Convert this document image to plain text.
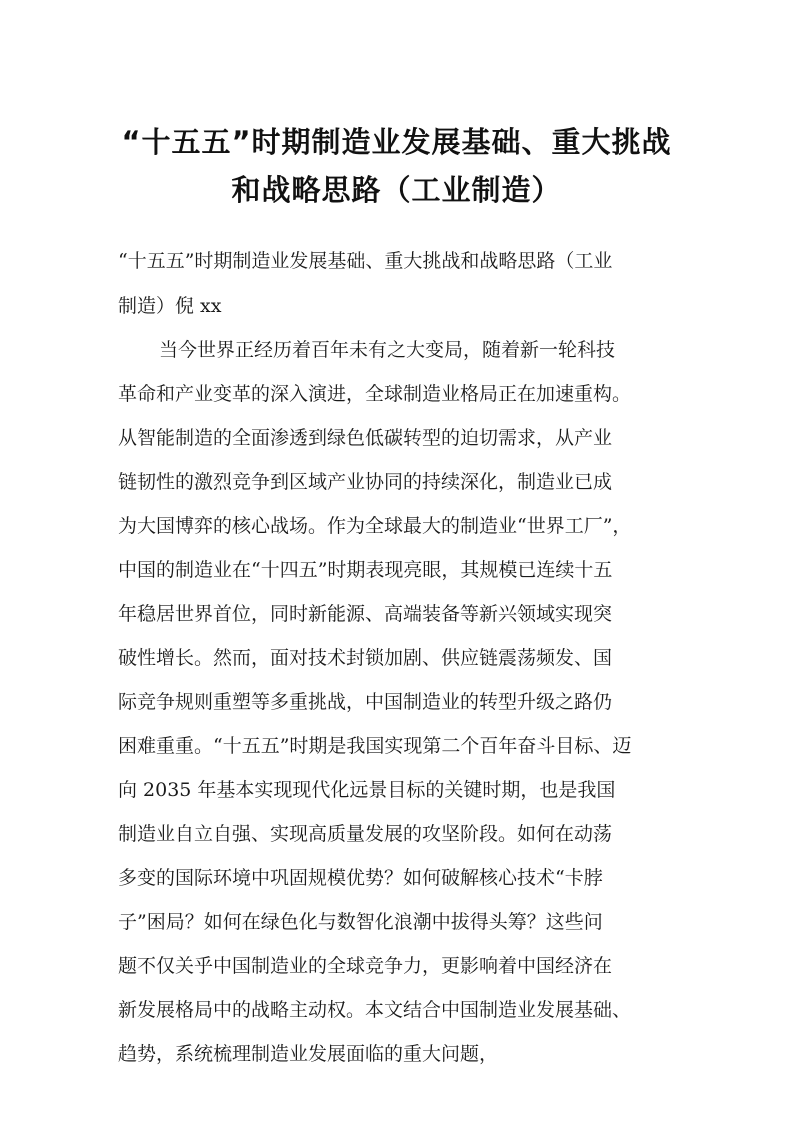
“十五五”时期制造业发展基础、重大挑战
和战略思路（工业制造）
“十五五”时期制造业发展基础、重大挑战和战略思路（工业
制造）倪 xx
当今世界正经历着百年未有之大变局，随着新一轮科技
革命和产业变革的深入演进，全球制造业格局正在加速重构。
从智能制造的全面渗透到绿色低碳转型的迫切需求，从产业
链韧性的激烈竞争到区域产业协同的持续深化，制造业已成
为大国博弈的核心战场。作为全球最大的制造业“世界工厂”，
中国的制造业在“十四五”时期表现亮眼，其规模已连续十五
年稳居世界首位，同时新能源、高端装备等新兴领域实现突
破性增长。然而，面对技术封锁加剧、供应链震荡频发、国
际竞争规则重塑等多重挑战，中国制造业的转型升级之路仍
困难重重。“十五五”时期是我国实现第二个百年奋斗目标、迈
向 2035 年基本实现现代化远景目标的关键时期，也是我国
制造业自立自强、实现高质量发展的攻坚阶段。如何在动荡
多变的国际环境中巩固规模优势？如何破解核心技术“卡脖
子”困局？如何在绿色化与数智化浪潮中拔得头筹？这些问
题不仅关乎中国制造业的全球竞争力，更影响着中国经济在
新发展格局中的战略主动权。本文结合中国制造业发展基础、
趋势，系统梳理制造业发展面临的重大问题，
